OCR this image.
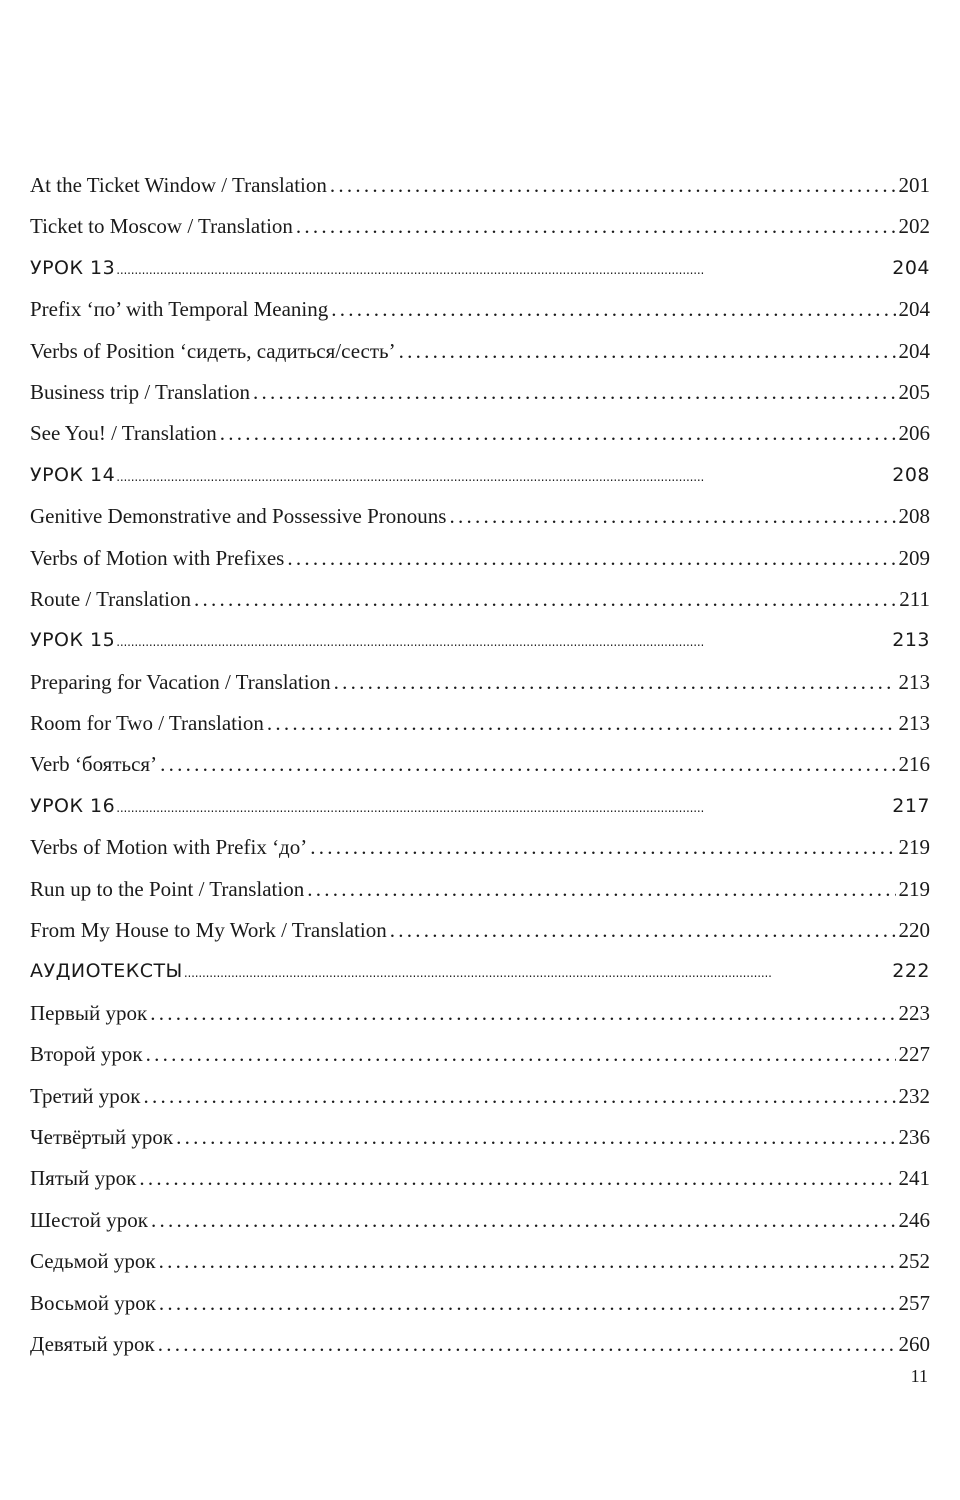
At the Ticket Window / Translation . . .	201
Ticket to Moscow / Translation . . .	202
УРОК 13 . . .	204
Prefix ‘по’ with Temporal Meaning . . .	204
Verbs of Position ‘сидеть, садиться/сесть’ . . .	204
Business trip / Translation . . .	205
See You! / Translation . . .	206
УРОК 14 . . .	208
Genitive Demonstrative and Possessive Pronouns . . .	208
Verbs of Motion with Prefixes . . .	209
Route / Translation . . .	211
УРОК 15 . . .	213
Preparing for Vacation / Translation . . .	213
Room for Two / Translation . . .	213
Verb ‘бояться’ . . .	216
УРОК 16 . . .	217
Verbs of Motion with Prefix ‘до’ . . .	219
Run up to the Point / Translation . . .	219
From My House to My Work / Translation . . .	220
АУДИОТЕКСТЫ . . .	222
Первый урок . . .	223
Второй урок . . .	227
Третий урок . . .	232
Четвёртый урок . . .	236
Пятый урок . . .	241
Шестой урок . . .	246
Седьмой урок . . .	252
Восьмой урок . . .	257
Девятый урок . . .	260
11
